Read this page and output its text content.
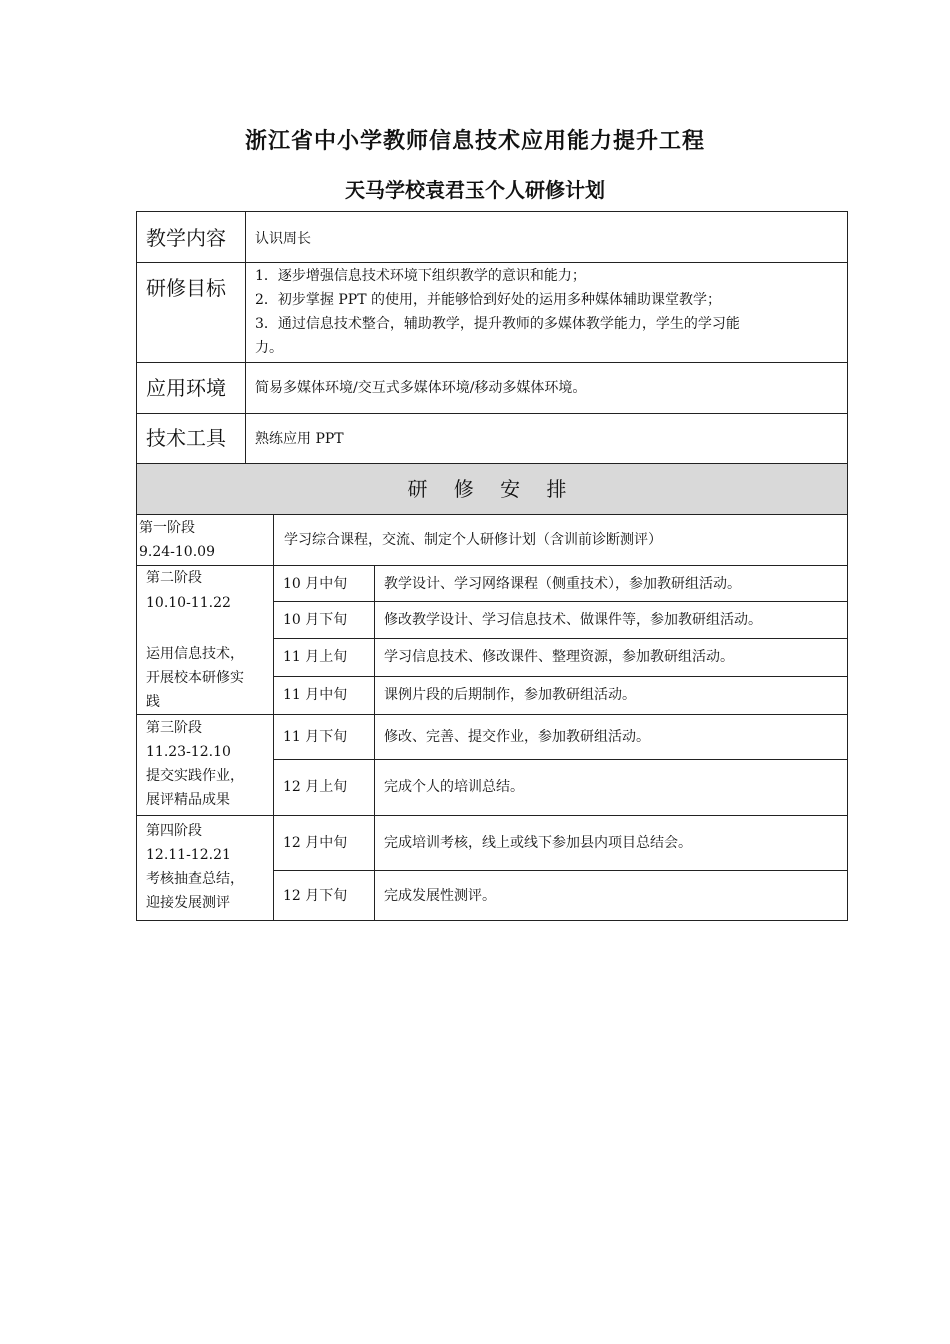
浙江省中小学教师信息技术应用能力提升工程
天马学校袁君玉个人研修计划
教学内容 认识周长
研修目标 1．逐步增强信息技术环境下组织教学的意识和能力；
2．初步掌握 PPT 的使用，并能够恰到好处的运用多种媒体辅助课堂教学；
3．通过信息技术整合，辅助教学，提升教师的多媒体教学能力，学生的学习能
力。
应用环境 简易多媒体环境/交互式多媒体环境/移动多媒体环境。
技术工具 熟练应用 PPT
研 修 安 排
第一阶段
9.24-10.09
学习综合课程，交流、制定个人研修计划（含训前诊断测评）
第二阶段
10.10-11.22
运用信息技术，
开展校本研修实
践
10 月中旬	教学设计、学习网络课程（侧重技术），参加教研组活动。
10 月下旬	修改教学设计、学习信息技术、做课件等，参加教研组活动。
11 月上旬	学习信息技术、修改课件、整理资源，参加教研组活动。
11 月中旬	课例片段的后期制作，参加教研组活动。
第三阶段
11.23-12.10
提交实践作业，
展评精品成果
11 月下旬	修改、完善、提交作业，参加教研组活动。
12 月上旬	完成个人的培训总结。
第四阶段
12.11-12.21
考核抽查总结，
迎接发展测评
12 月中旬	完成培训考核，线上或线下参加县内项目总结会。
12 月下旬	完成发展性测评。
